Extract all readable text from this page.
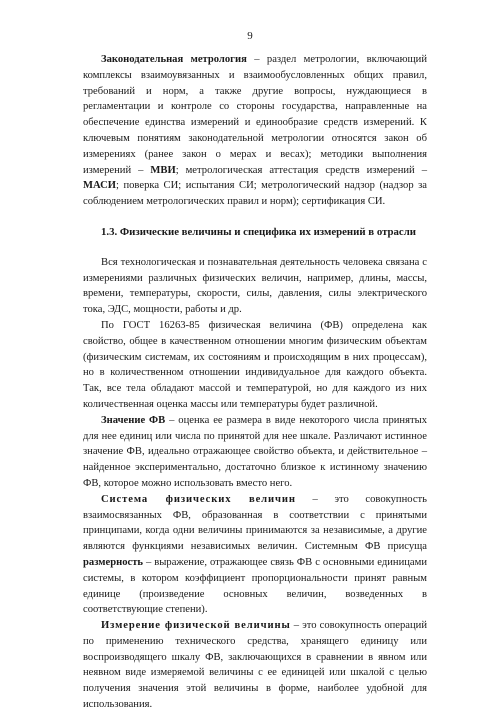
9

Законодательная метрология – раздел метрологии, включающий комплексы взаимоувязанных и взаимообусловленных общих правил, требований и норм, а также другие вопросы, нуждающиеся в регламентации и контроле со стороны государства, направленные на обеспечение единства измерений и единообразие средств измерений. К ключевым понятиям законодательной метрологии относятся закон об измерениях (ранее закон о мерах и весах); методики выполнения измерений – МВИ; метрологическая аттестация средств измерений – МАСИ; поверка СИ; испытания СИ; метрологический надзор (надзор за соблюдением метрологических правил и норм); сертификация СИ.

1.3. Физические величины и специфика их измерений в отрасли

Вся технологическая и познавательная деятельность человека связана с измерениями различных физических величин, например, длины, массы, времени, температуры, скорости, силы, давления, силы электрического тока, ЭДС, мощности, работы и др.

По ГОСТ 16263-85 физическая величина (ФВ) определена как свойство, общее в качественном отношении многим физическим объектам (физическим системам, их состояниям и происходящим в них процессам), но в количественном отношении индивидуальное для каждого объекта. Так, все тела обладают массой и температурой, но для каждого из них количественная оценка массы или температуры будет различной.

Значение ФВ – оценка ее размера в виде некоторого числа принятых для нее единиц или числа по принятой для нее шкале. Различают истинное значение ФВ, идеально отражающее свойство объекта, и действительное – найденное экспериментально, достаточно близкое к истинному значению ФВ, которое можно использовать вместо него.

Система физических величин – это совокупность взаимосвязанных ФВ, образованная в соответствии с принятыми принципами, когда одни величины принимаются за независимые, а другие являются функциями независимых величин. Системным ФВ присуща размерность – выражение, отражающее связь ФВ с основными единицами системы, в котором коэффициент пропорциональности принят равным единице (произведение основных величин, возведенных в соответствующие степени).

Измерение физической величины – это совокупность операций по применению технического средства, хранящего единицу или воспроизводящего шкалу ФВ, заключающихся в сравнении в явном или неявном виде измеряемой величины с ее единицей или шкалой с целью получения значения этой величины в форме, наиболее удобной для использования.
